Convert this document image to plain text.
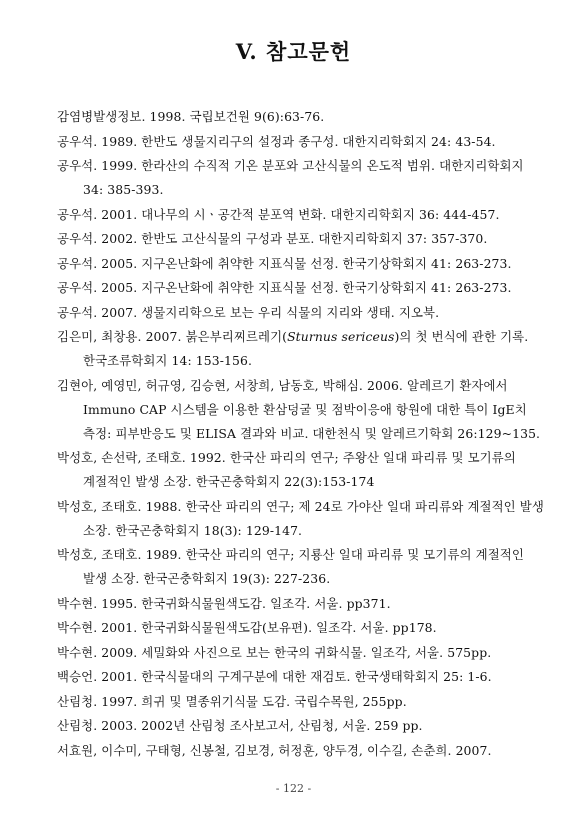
V. 참고문헌
감염병발생정보. 1998. 국립보건원 9(6):63-76.
공우석. 1989. 한반도 생물지리구의 설정과 종구성. 대한지리학회지 24: 43-54.
공우석. 1999. 한라산의 수직적 기온 분포와 고산식물의 온도적 범위. 대한지리학회지 34: 385-393.
공우석. 2001. 대나무의 시ㆍ공간적 분포역 변화. 대한지리학회지 36: 444-457.
공우석. 2002. 한반도 고산식물의 구성과 분포. 대한지리학회지 37: 357-370.
공우석. 2005. 지구온난화에 취약한 지표식물 선정. 한국기상학회지 41: 263-273.
공우석. 2005. 지구온난화에 취약한 지표식물 선정. 한국기상학회지 41: 263-273.
공우석. 2007. 생물지리학으로 보는 우리 식물의 지리와 생태. 지오북.
김은미, 최창용. 2007. 붉은부리찌르레기(Sturnus sericeus)의 첫 번식에 관한 기록. 한국조류학회지 14: 153-156.
김현아, 예영민, 허규영, 김승현, 서창희, 남동호, 박해심. 2006. 알레르기 환자에서 Immuno CAP 시스템을 이용한 환삼덩굴 및 점박이응애 항원에 대한 특이 IgE치 측정: 피부반응도 및 ELISA 결과와 비교. 대한천식 및 알레르기학회 26:129~135.
박성호, 손선락, 조태호. 1992. 한국산 파리의 연구; 주왕산 일대 파리류 및 모기류의 계절적인 발생 소장. 한국곤충학회지 22(3):153-174
박성호, 조태호. 1988. 한국산 파리의 연구; 제 24로 가야산 일대 파리류와 계절적인 발생 소장. 한국곤충학회지 18(3): 129-147.
박성호, 조태호. 1989. 한국산 파리의 연구; 지룡산 일대 파리류 및 모기류의 계절적인 발생 소장. 한국곤충학회지 19(3): 227-236.
박수현. 1995. 한국귀화식물원색도감. 일조각. 서울. pp371.
박수현. 2001. 한국귀화식물원색도감(보유편). 일조각. 서울. pp178.
박수현. 2009. 세밀화와 사진으로 보는 한국의 귀화식물. 일조각, 서울. 575pp.
백승언. 2001. 한국식물대의 구계구분에 대한 재검토. 한국생태학회지 25: 1-6.
산림청. 1997. 희귀 및 멸종위기식물 도감. 국립수목원, 255pp.
산림청. 2003. 2002년 산림청 조사보고서, 산림청, 서울. 259 pp.
서효원, 이수미, 구태형, 신봉철, 김보경, 허정훈, 양두경, 이수길, 손춘희. 2007.
- 122 -
